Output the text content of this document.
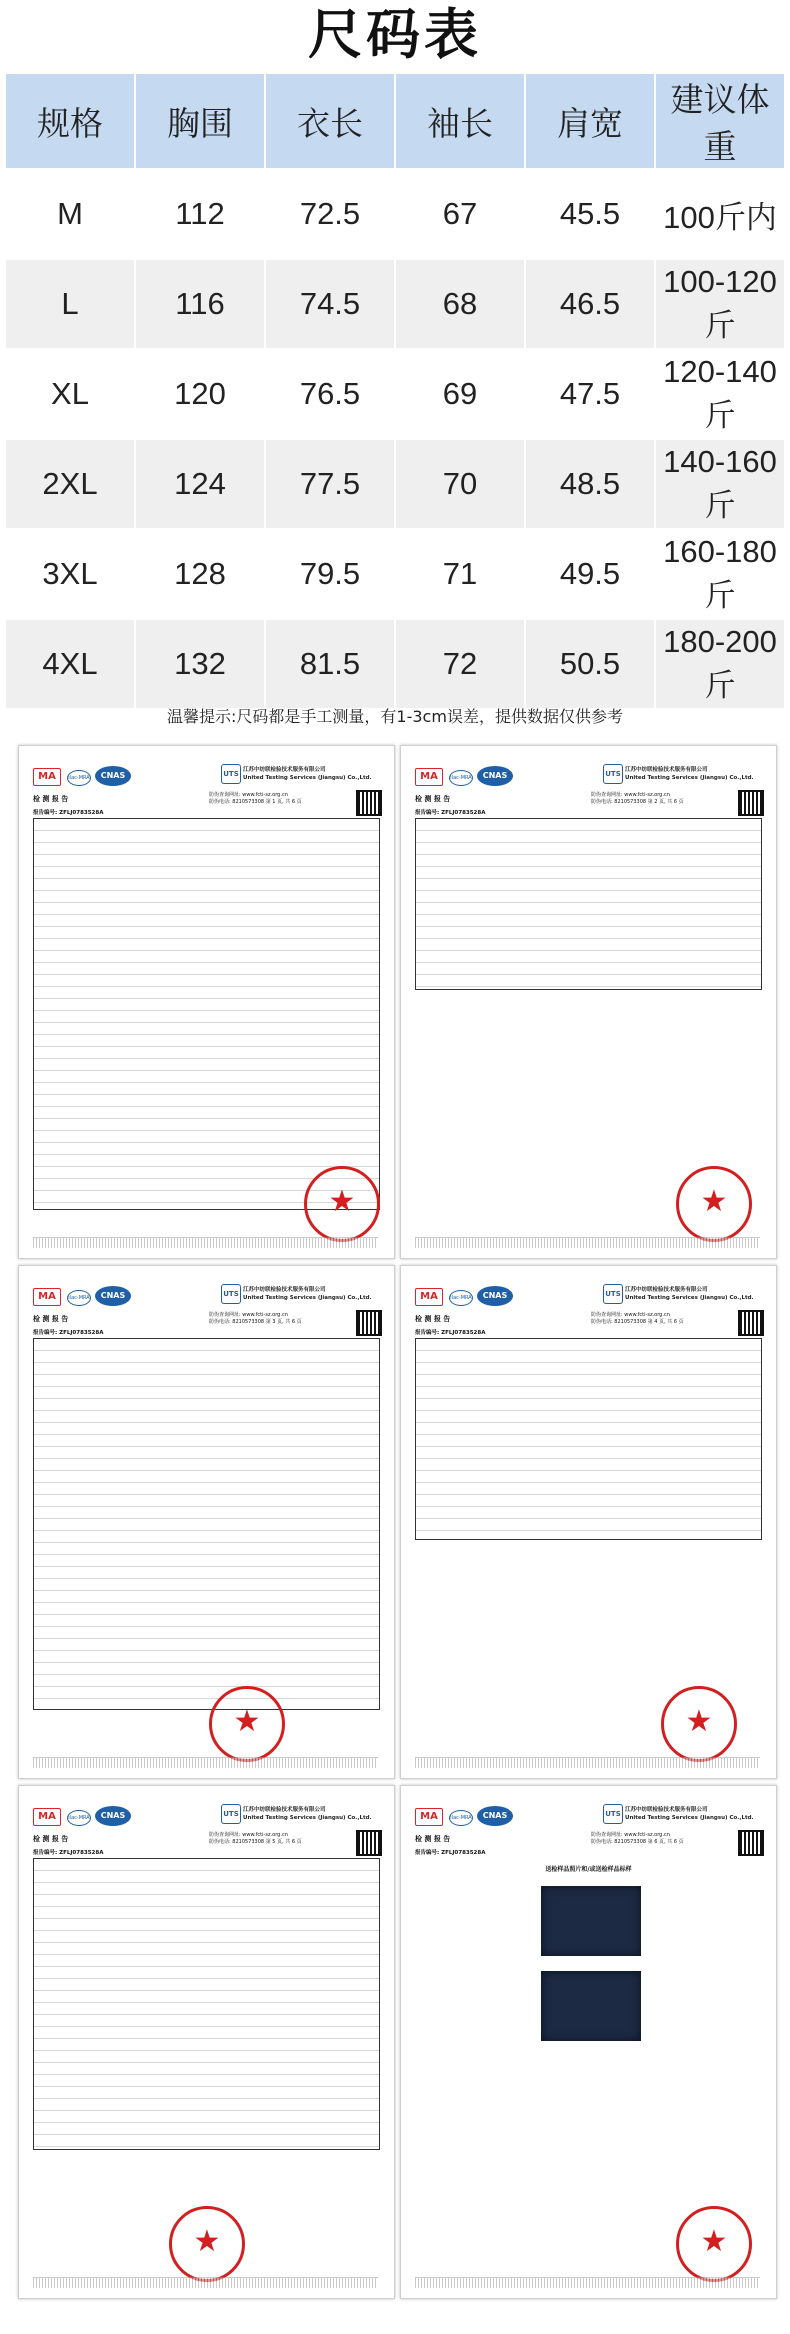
尺码表
规格	胸围	衣长	袖长	肩宽	建议体重
M	112	72.5	67	45.5	100斤内
L	116	74.5	68	46.5	100-120斤
XL	120	76.5	69	47.5	120-140斤
2XL	124	77.5	70	48.5	140-160斤
3XL	128	79.5	71	49.5	160-180斤
4XL	132	81.5	72	50.5	180-200斤
温馨提示:尺码都是手工测量，有1-3cm误差，提供数据仅供参考
MA	ilac-MRA	CNAS	UTS 江苏中纺联检验技术服务有限公司
United Testing Services (Jiangsu) Co.,Ltd.
检 测 报 告
报告编号: ZFLJ0783528A
防伪查询网址: www.fcti-sz.org.cn
防伪电话: 8210573308 第 1 页, 共 6 页
★
MA	ilac-MRA	CNAS	UTS 江苏中纺联检验技术服务有限公司
United Testing Services (Jiangsu) Co.,Ltd.
检 测 报 告
报告编号: ZFLJ0783528A
防伪查询网址: www.fcti-sz.org.cn
防伪电话: 8210573308 第 2 页, 共 6 页
★
MA	ilac-MRA	CNAS	UTS 江苏中纺联检验技术服务有限公司
United Testing Services (Jiangsu) Co.,Ltd.
检 测 报 告
报告编号: ZFLJ0783528A
防伪查询网址: www.fcti-sz.org.cn
防伪电话: 8210573308 第 3 页, 共 6 页
★
MA	ilac-MRA	CNAS	UTS 江苏中纺联检验技术服务有限公司
United Testing Services (Jiangsu) Co.,Ltd.
检 测 报 告
报告编号: ZFLJ0783528A
防伪查询网址: www.fcti-sz.org.cn
防伪电话: 8210573308 第 4 页, 共 6 页
★
MA	ilac-MRA	CNAS	UTS 江苏中纺联检验技术服务有限公司
United Testing Services (Jiangsu) Co.,Ltd.
检 测 报 告
报告编号: ZFLJ0783528A
防伪查询网址: www.fcti-sz.org.cn
防伪电话: 8210573308 第 5 页, 共 6 页
★
MA	ilac-MRA	CNAS	UTS 江苏中纺联检验技术服务有限公司
United Testing Services (Jiangsu) Co.,Ltd.
检 测 报 告
报告编号: ZFLJ0783528A
防伪查询网址: www.fcti-sz.org.cn
防伪电话: 8210573308 第 6 页, 共 6 页
送检样品照片和/或送检样品标样
★
